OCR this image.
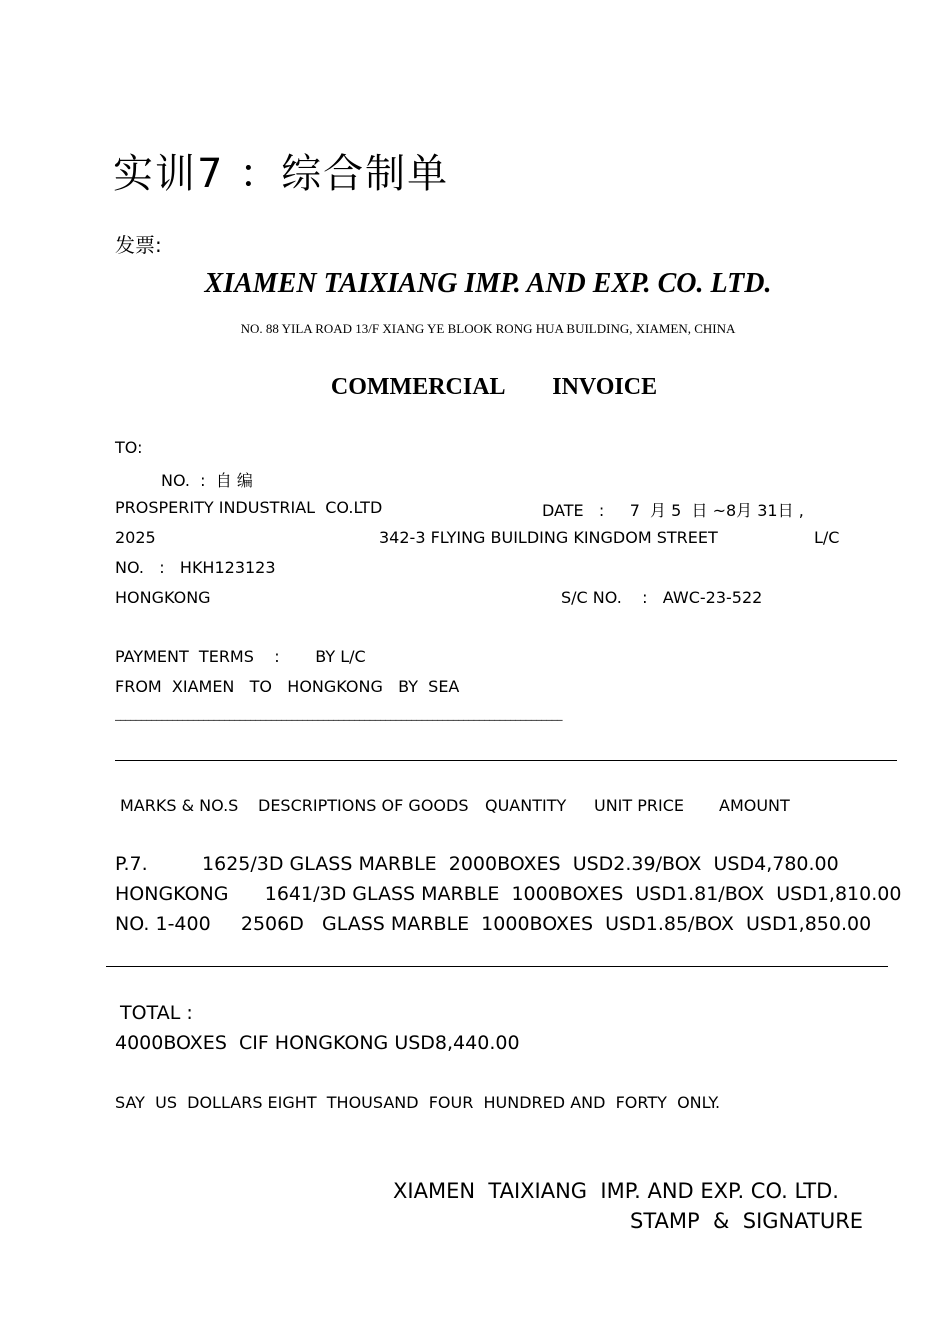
实训7 ：综合制单
发票:
XIAMEN TAIXIANG IMP. AND EXP. CO. LTD.
NO. 88 YILA ROAD 13/F XIANG YE BLOOK RONG HUA BUILDING, XIAMEN, CHINA
COMMERCIAL   INVOICE
TO:
NO.  :  自 编
PROSPERITY INDUSTRIAL  CO.LTD	DATE   :     7  月 5  日 ~8月 31日 ,
2025	342-3 FLYING BUILDING KINGDOM STREET	L/C
NO.   :   HKH123123
HONGKONG	S/C NO.    :   AWC-23-522
PAYMENT  TERMS    :       BY L/C
FROM  XIAMEN   TO   HONGKONG   BY  SEA
______________________________________________________________________________________
MARKS & NO.S DESCRIPTIONS OF GOODS QUANTITY UNIT PRICE AMOUNT
P.7.         1625/3D GLASS MARBLE  2000BOXES  USD2.39/BOX  USD4,780.00
HONGKONG      1641/3D GLASS MARBLE  1000BOXES  USD1.81/BOX  USD1,810.00
NO. 1-400     2506D   GLASS MARBLE  1000BOXES  USD1.85/BOX  USD1,850.00
TOTAL :
4000BOXES  CIF HONGKONG USD8,440.00
SAY  US  DOLLARS EIGHT  THOUSAND  FOUR  HUNDRED AND  FORTY  ONLY.
XIAMEN  TAIXIANG  IMP. AND EXP. CO. LTD.
STAMP  &  SIGNATURE
